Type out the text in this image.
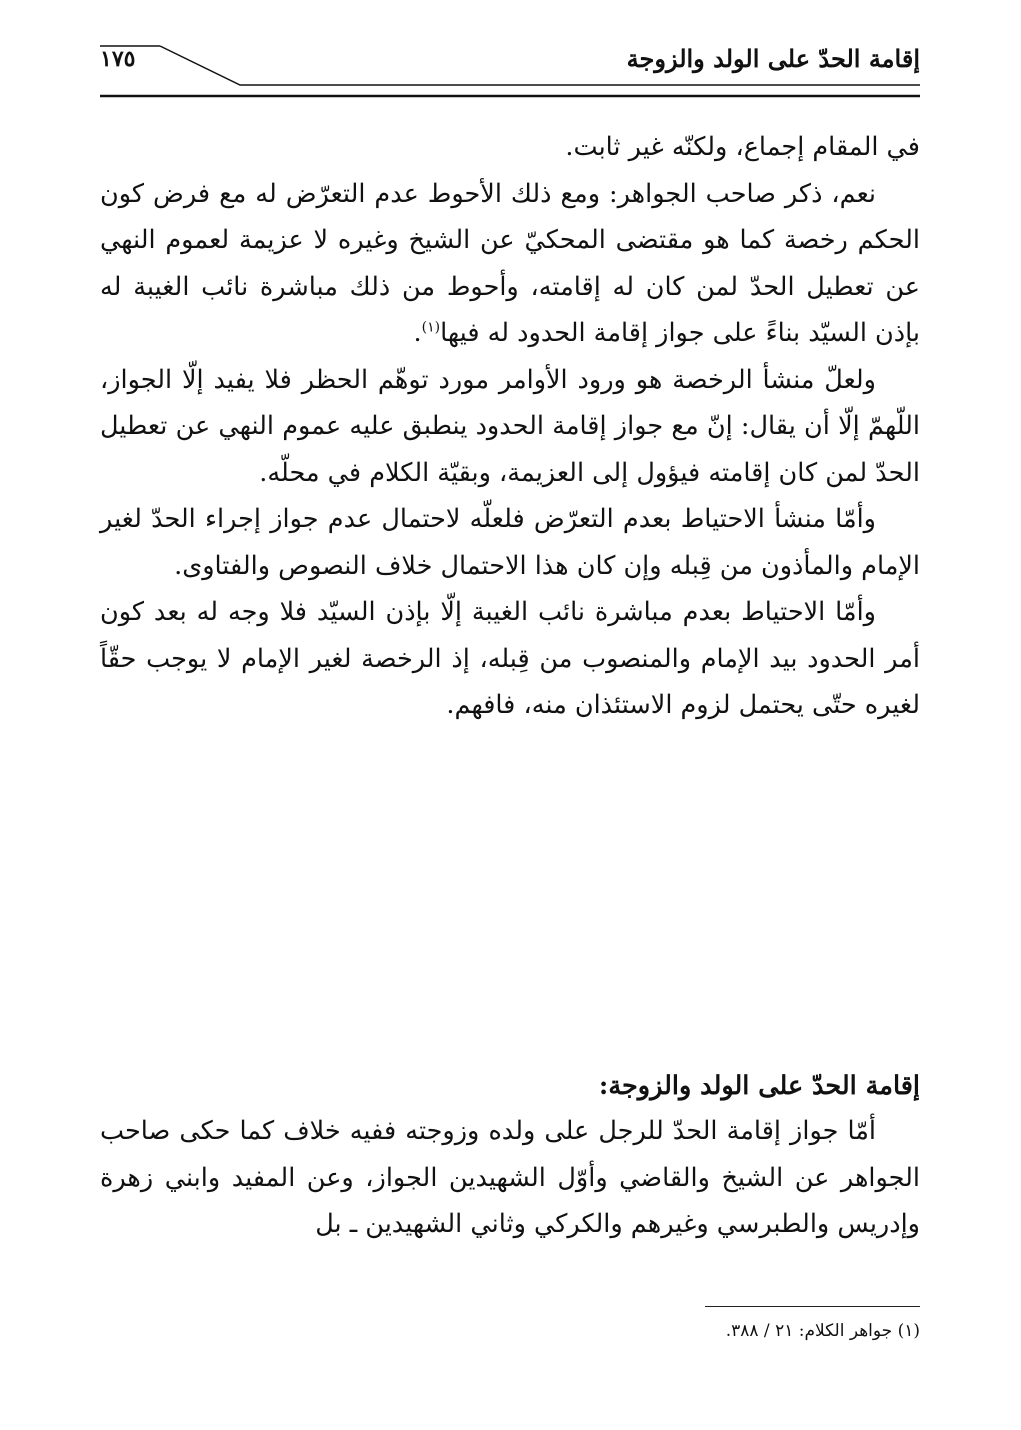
إقامة الحدّ على الولد والزوجة
١٧٥

في المقام إجماع، ولكنّه غير ثابت.

نعم، ذكر صاحب الجواهر: ومع ذلك الأحوط عدم التعرّض له مع فرض كون الحكم رخصة كما هو مقتضى المحكيّ عن الشيخ وغيره لا عزيمة لعموم النهي عن تعطيل الحدّ لمن كان له إقامته، وأحوط من ذلك مباشرة نائب الغيبة له بإذن السيّد بناءً على جواز إقامة الحدود له فيها$^{(١)}$.

ولعلّ منشأ الرخصة هو ورود الأوامر مورد توهّم الحظر فلا يفيد إلّا الجواز، اللّهمّ إلّا أن يقال: إنّ مع جواز إقامة الحدود ينطبق عليه عموم النهي عن تعطيل الحدّ لمن كان إقامته فيؤول إلى العزيمة، وبقيّة الكلام في محلّه.

وأمّا منشأ الاحتياط بعدم التعرّض فلعلّه لاحتمال عدم جواز إجراء الحدّ لغير الإمام والمأذون من قِبله وإن كان هذا الاحتمال خلاف النصوص والفتاوى.

وأمّا الاحتياط بعدم مباشرة نائب الغيبة إلّا بإذن السيّد فلا وجه له بعد كون أمر الحدود بيد الإمام والمنصوب من قِبله، إذ الرخصة لغير الإمام لا يوجب حقّاً لغيره حتّى يحتمل لزوم الاستئذان منه، فافهم.

إقامة الحدّ على الولد والزوجة:

أمّا جواز إقامة الحدّ للرجل على ولده وزوجته ففيه خلاف كما حكى صاحب الجواهر عن الشيخ والقاضي وأوّل الشهيدين الجواز، وعن المفيد وابني زهرة وإدريس والطبرسي وغيرهم والكركي وثاني الشهيدين ـ بل

(١) جواهر الكلام: ٢١ / ٣٨٨.
